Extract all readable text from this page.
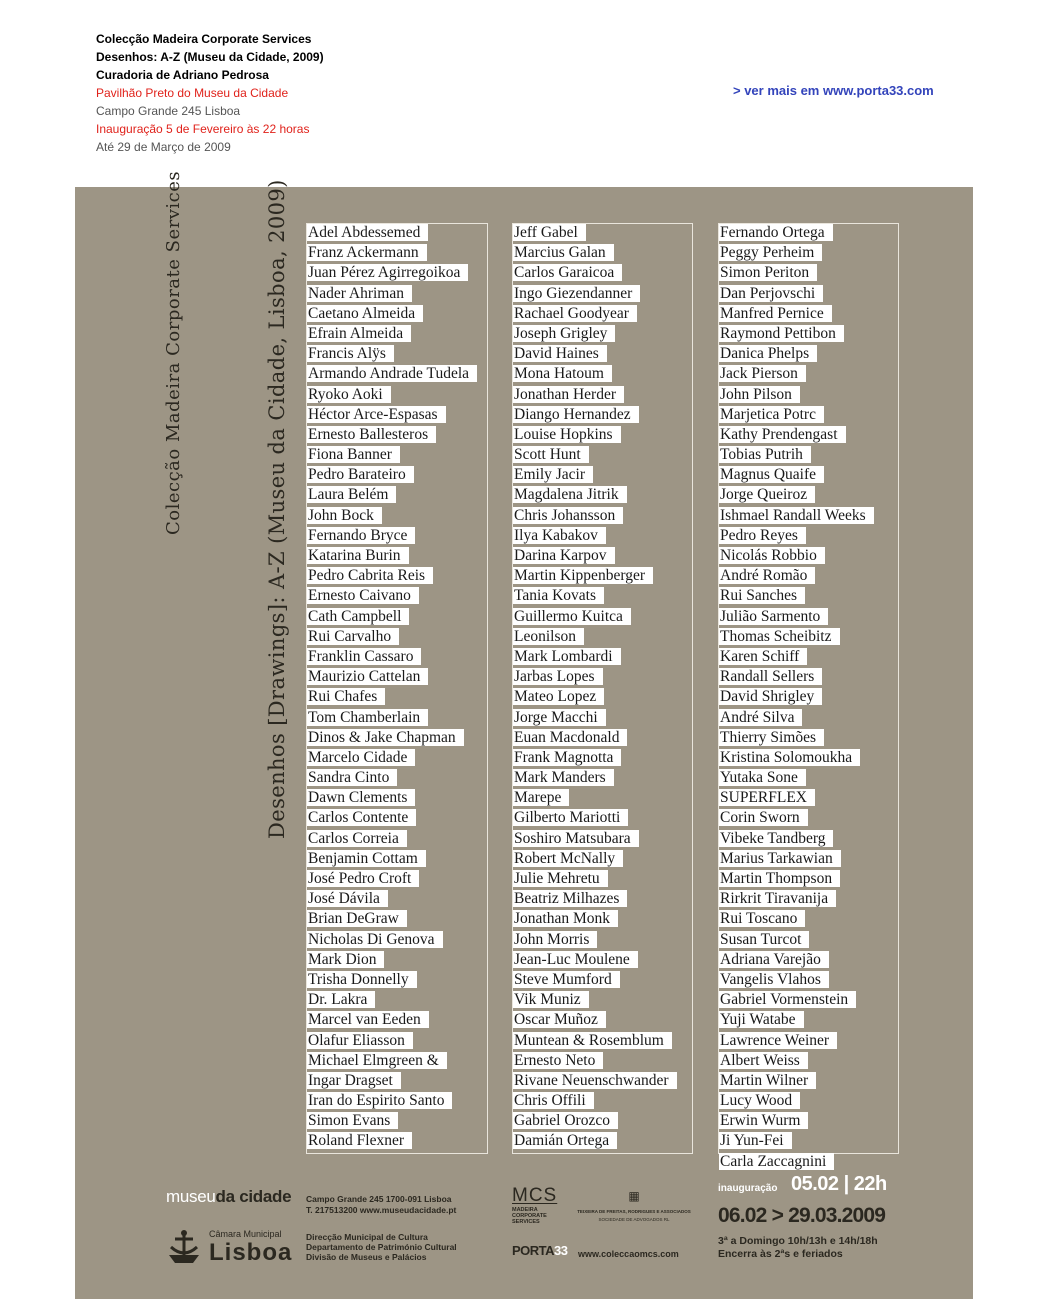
Colecção Madeira Corporate Services
Desenhos: A-Z (Museu da Cidade, 2009)
Curadoria de Adriano Pedrosa
Pavilhão Preto do Museu da Cidade
Campo Grande 245 Lisboa
Inauguração 5 de Fevereiro às 22 horas
Até 29 de Março de 2009
> ver mais em www.porta33.com
Colecção Madeira Corporate Services	Desenhos [Drawings]: A-Z (Museu da Cidade, Lisboa, 2009) Adel Abdessemed
Franz Ackermann
Juan Pérez Agirregoikoa
Nader Ahriman
Caetano Almeida
Efrain Almeida
Francis Alÿs
Armando Andrade Tudela
Ryoko Aoki
Héctor Arce-Espasas
Ernesto Ballesteros
Fiona Banner
Pedro Barateiro
Laura Belém
John Bock
Fernando Bryce
Katarina Burin
Pedro Cabrita Reis
Ernesto Caivano
Cath Campbell
Rui Carvalho
Franklin Cassaro
Maurizio Cattelan
Rui Chafes
Tom Chamberlain
Dinos & Jake Chapman
Marcelo Cidade
Sandra Cinto
Dawn Clements
Carlos Contente
Carlos Correia
Benjamin Cottam
José Pedro Croft
José Dávila
Brian DeGraw
Nicholas Di Genova
Mark Dion
Trisha Donnelly
Dr. Lakra
Marcel van Eeden
Olafur Eliasson
Michael Elmgreen &
Ingar Dragset
Iran do Espirito Santo
Simon Evans
Roland Flexner
Jeff Gabel
Marcius Galan
Carlos Garaicoa
Ingo Giezendanner
Rachael Goodyear
Joseph Grigley
David Haines
Mona Hatoum
Jonathan Herder
Diango Hernandez
Louise Hopkins
Scott Hunt
Emily Jacir
Magdalena Jitrik
Chris Johansson
Ilya Kabakov
Darina Karpov
Martin Kippenberger
Tania Kovats
Guillermo Kuitca
Leonilson
Mark Lombardi
Jarbas Lopes
Mateo Lopez
Jorge Macchi
Euan Macdonald
Frank Magnotta
Mark Manders
Marepe
Gilberto Mariotti
Soshiro Matsubara
Robert McNally
Julie Mehretu
Beatriz Milhazes
Jonathan Monk
John Morris
Jean-Luc Moulene
Steve Mumford
Vik Muniz
Oscar Muñoz
Muntean & Rosemblum
Ernesto Neto
Rivane Neuenschwander
Chris Offili
Gabriel Orozco
Damián Ortega
Fernando Ortega
Peggy Perheim
Simon Periton
Dan Perjovschi
Manfred Pernice
Raymond Pettibon
Danica Phelps
Jack Pierson
John Pilson
Marjetica Potrc
Kathy Prendengast
Tobias Putrih
Magnus Quaife
Jorge Queiroz
Ishmael Randall Weeks
Pedro Reyes
Nicolás Robbio
André Romão
Rui Sanches
Julião Sarmento
Thomas Scheibitz
Karen Schiff
Randall Sellers
David Shrigley
André Silva
Thierry Simões
Kristina Solomoukha
Yutaka Sone
SUPERFLEX
Corin Sworn
Vibeke Tandberg
Marius Tarkawian
Martin Thompson
Rirkrit Tiravanija
Rui Toscano
Susan Turcot
Adriana Varejão
Vangelis Vlahos
Gabriel Vormenstein
Yuji Watabe
Lawrence Weiner
Albert Weiss
Martin Wilner
Lucy Wood
Erwin Wurm
Ji Yun-Fei
Carla Zaccagnini
museuda cidade
Câmara Municipal
Lisboa
Campo Grande 245 1700-091 Lisboa
T. 217513200 www.museudacidade.pt
Direcção Municipal de Cultura
Departamento de Património Cultural
Divisão de Museus e Palácios
MCS
MADEIRA
CORPORATE
SERVICES
▦
TEIXEIRA DE FREITAS, RODRIGUES E ASSOCIADOS
SOCIEDADE DE ADVOGADOS RL
PORTA33 www.coleccaomcs.com
inauguração 05.02 | 22h
06.02 > 29.03.2009
3ª a Domingo 10h/13h e 14h/18h
Encerra às 2ªs e feriados
